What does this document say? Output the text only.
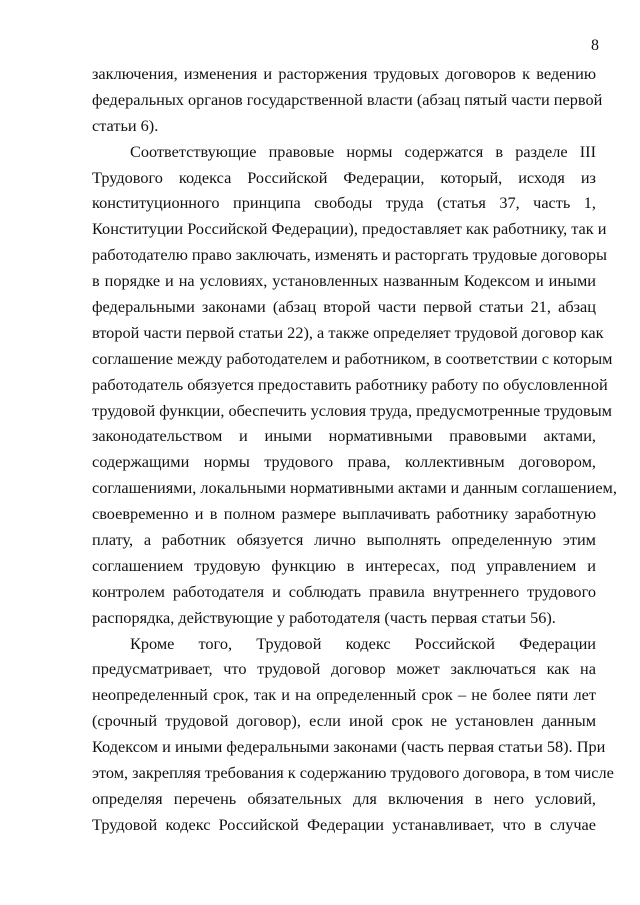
8
заключения, изменения и расторжения трудовых договоров к ведению
федеральных органов государственной власти (абзац пятый части первой
статьи 6).
Соответствующие правовые нормы содержатся в разделе III
Трудового кодекса Российской Федерации, который, исходя из
конституционного принципа свободы труда (статья 37, часть 1,
Конституции Российской Федерации), предоставляет как работнику, так и
работодателю право заключать, изменять и расторгать трудовые договоры
в порядке и на условиях, установленных названным Кодексом и иными
федеральными законами (абзац второй части первой статьи 21, абзац
второй части первой статьи 22), а также определяет трудовой договор как
соглашение между работодателем и работником, в соответствии с которым
работодатель обязуется предоставить работнику работу по обусловленной
трудовой функции, обеспечить условия труда, предусмотренные трудовым
законодательством и иными нормативными правовыми актами,
содержащими нормы трудового права, коллективным договором,
соглашениями, локальными нормативными актами и данным соглашением,
своевременно и в полном размере выплачивать работнику заработную
плату, а работник обязуется лично выполнять определенную этим
соглашением трудовую функцию в интересах, под управлением и
контролем работодателя и соблюдать правила внутреннего трудового
распорядка, действующие у работодателя (часть первая статьи 56).
Кроме того, Трудовой кодекс Российской Федерации
предусматривает, что трудовой договор может заключаться как на
неопределенный срок, так и на определенный срок – не более пяти лет
(срочный трудовой договор), если иной срок не установлен данным
Кодексом и иными федеральными законами (часть первая статьи 58). При
этом, закрепляя требования к содержанию трудового договора, в том числе
определяя перечень обязательных для включения в него условий,
Трудовой кодекс Российской Федерации устанавливает, что в случае
